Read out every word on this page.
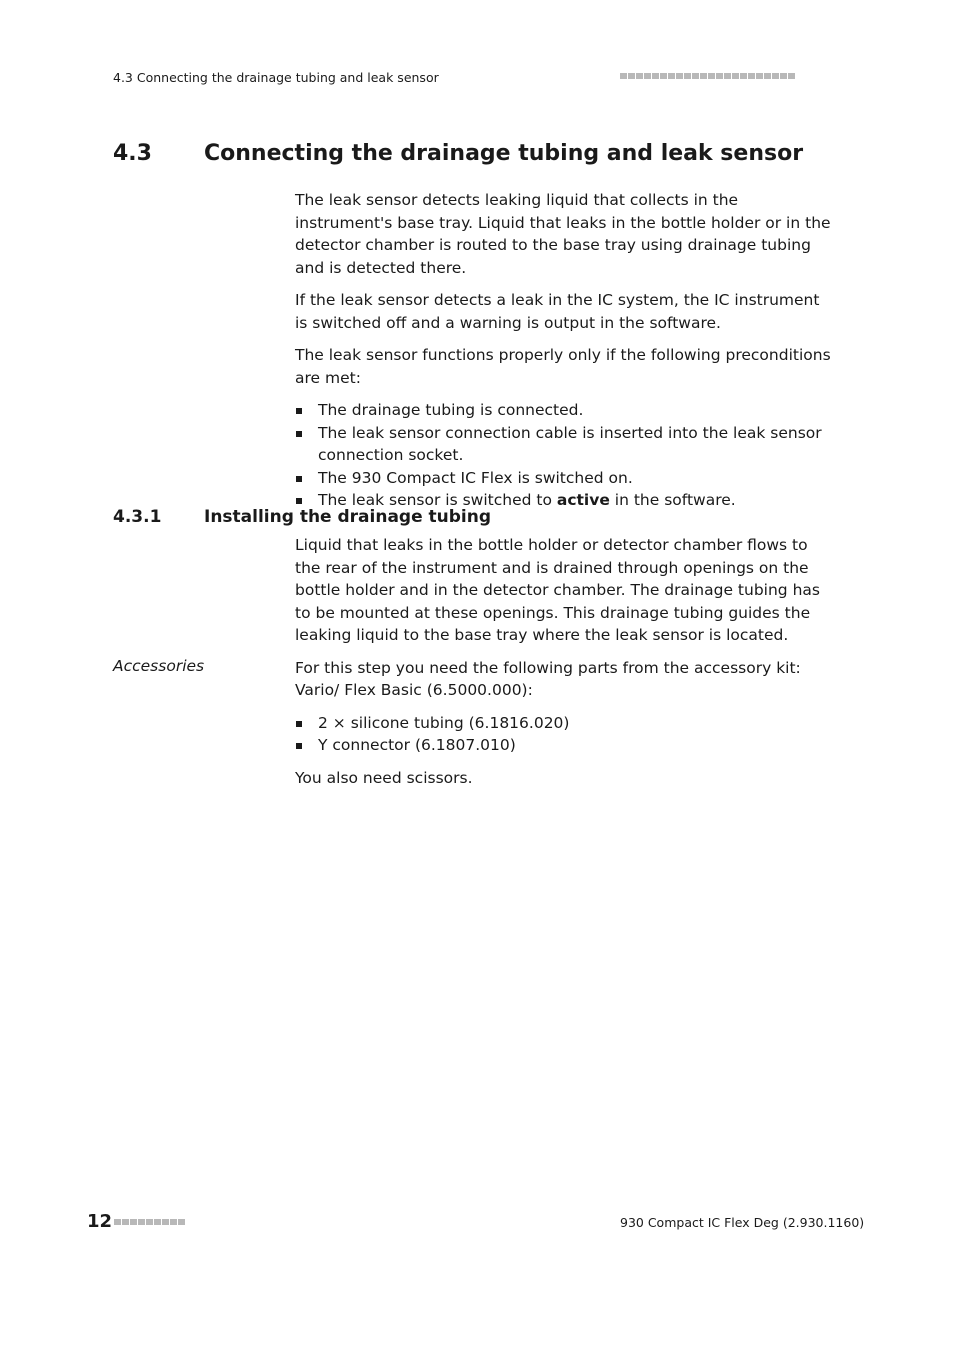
4.3 Connecting the drainage tubing and leak sensor
4.3 Connecting the drainage tubing and leak sensor

The leak sensor detects leaking liquid that collects in the instrument's base tray. Liquid that leaks in the bottle holder or in the detector chamber is routed to the base tray using drainage tubing and is detected there.

If the leak sensor detects a leak in the IC system, the IC instrument is switched off and a warning is output in the software.

The leak sensor functions properly only if the following preconditions are met:

The drainage tubing is connected.
The leak sensor connection cable is inserted into the leak sensor connection socket.
The 930 Compact IC Flex is switched on.
The leak sensor is switched to active in the software.
4.3.1	Installing the drainage tubing

Liquid that leaks in the bottle holder or detector chamber flows to the rear of the instrument and is drained through openings on the bottle holder and in the detector chamber. The drainage tubing has to be mounted at these openings. This drainage tubing guides the leaking liquid to the base tray where the leak sensor is located.

For this step you need the following parts from the accessory kit: Vario/ Flex Basic (6.5000.000):

2 × silicone tubing (6.1816.020)
Y connector (6.1807.010)

You also need scissors.

Accessories
12	930 Compact IC Flex Deg (2.930.1160)
